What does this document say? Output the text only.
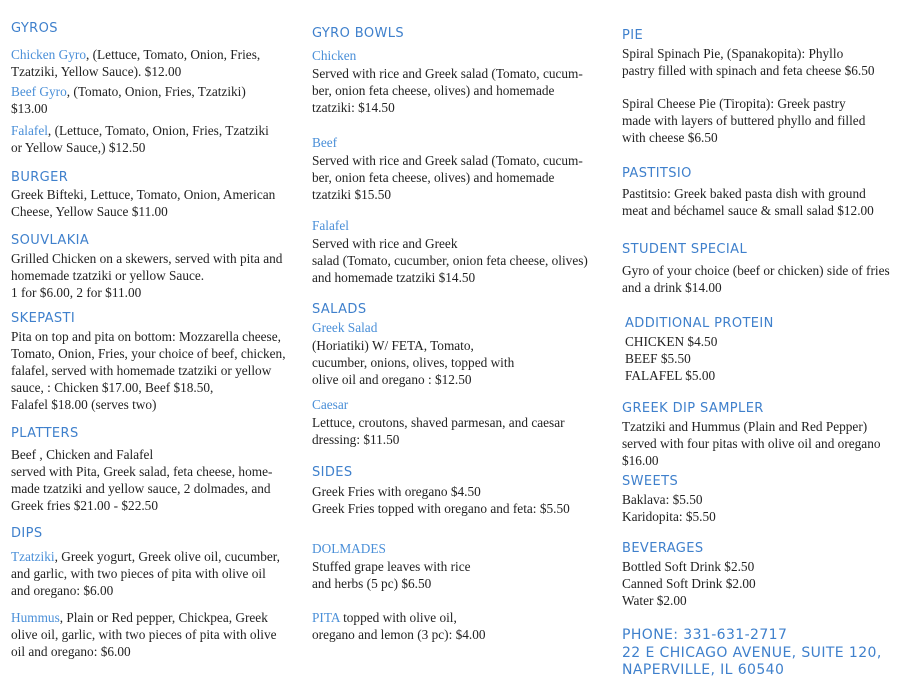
GYROS
Chicken Gyro, (Lettuce, Tomato, Onion, Fries,
Tzatziki, Yellow Sauce). $12.00
Beef Gyro, (Tomato, Onion, Fries, Tzatziki)
$13.00
Falafel, (Lettuce, Tomato, Onion, Fries, Tzatziki
or Yellow Sauce,) $12.50
BURGER
Greek Bifteki, Lettuce, Tomato, Onion, American
Cheese, Yellow Sauce $11.00
SOUVLAKIA
Grilled Chicken on a skewers, served with pita and
homemade tzatziki or yellow Sauce.
1 for $6.00, 2 for $11.00
SKEPASTI
Pita on top and pita on bottom: Mozzarella cheese,
Tomato, Onion, Fries, your choice of beef, chicken,
falafel, served with homemade tzatziki or yellow
sauce, : Chicken $17.00, Beef $18.50,
Falafel $18.00 (serves two)
PLATTERS
Beef , Chicken and Falafel
served with Pita, Greek salad, feta cheese, home-
made tzatziki and yellow sauce, 2 dolmades, and
Greek fries $21.00 - $22.50
DIPS
Tzatziki, Greek yogurt, Greek olive oil, cucumber,
and garlic, with two pieces of pita with olive oil
and oregano: $6.00
Hummus, Plain or Red pepper, Chickpea, Greek
olive oil, garlic, with two pieces of pita with olive
oil and oregano: $6.00
GYRO BOWLS
Chicken
Served with rice and Greek salad (Tomato, cucum-
ber, onion feta cheese, olives) and homemade
tzatziki: $14.50
Beef
Served with rice and Greek salad (Tomato, cucum-
ber, onion feta cheese, olives) and homemade
tzatziki $15.50
Falafel
Served with rice and Greek
salad (Tomato, cucumber, onion feta cheese, olives)
and homemade tzatziki $14.50
SALADS
Greek Salad
(Horiatiki) W/ FETA, Tomato,
cucumber, onions, olives, topped with
olive oil and oregano : $12.50
Caesar
Lettuce, croutons, shaved parmesan, and caesar
dressing: $11.50
SIDES
Greek Fries with oregano $4.50
Greek Fries topped with oregano and feta: $5.50
DOLMADES
Stuffed grape leaves with rice
and herbs (5 pc) $6.50
PITA topped with olive oil,
oregano and lemon (3 pc): $4.00
PIE
Spiral Spinach Pie, (Spanakopita): Phyllo
pastry filled with spinach and feta cheese $6.50
Spiral Cheese Pie (Tiropita): Greek pastry
made with layers of buttered phyllo and filled
with cheese $6.50
PASTITSIO
Pastitsio: Greek baked pasta dish with ground
meat and béchamel sauce & small salad $12.00
STUDENT SPECIAL
Gyro of your choice (beef or chicken) side of fries
and a drink $14.00
ADDITIONAL PROTEIN
CHICKEN $4.50
BEEF $5.50
FALAFEL $5.00
GREEK DIP SAMPLER
Tzatziki and Hummus (Plain and Red Pepper)
served with four pitas with olive oil and oregano
$16.00
SWEETS
Baklava: $5.50
Karidopita: $5.50
BEVERAGES
Bottled Soft Drink $2.50
Canned Soft Drink $2.00
Water $2.00
PHONE: 331-631-2717
22 E CHICAGO AVENUE, SUITE 120,
NAPERVILLE, IL 60540
